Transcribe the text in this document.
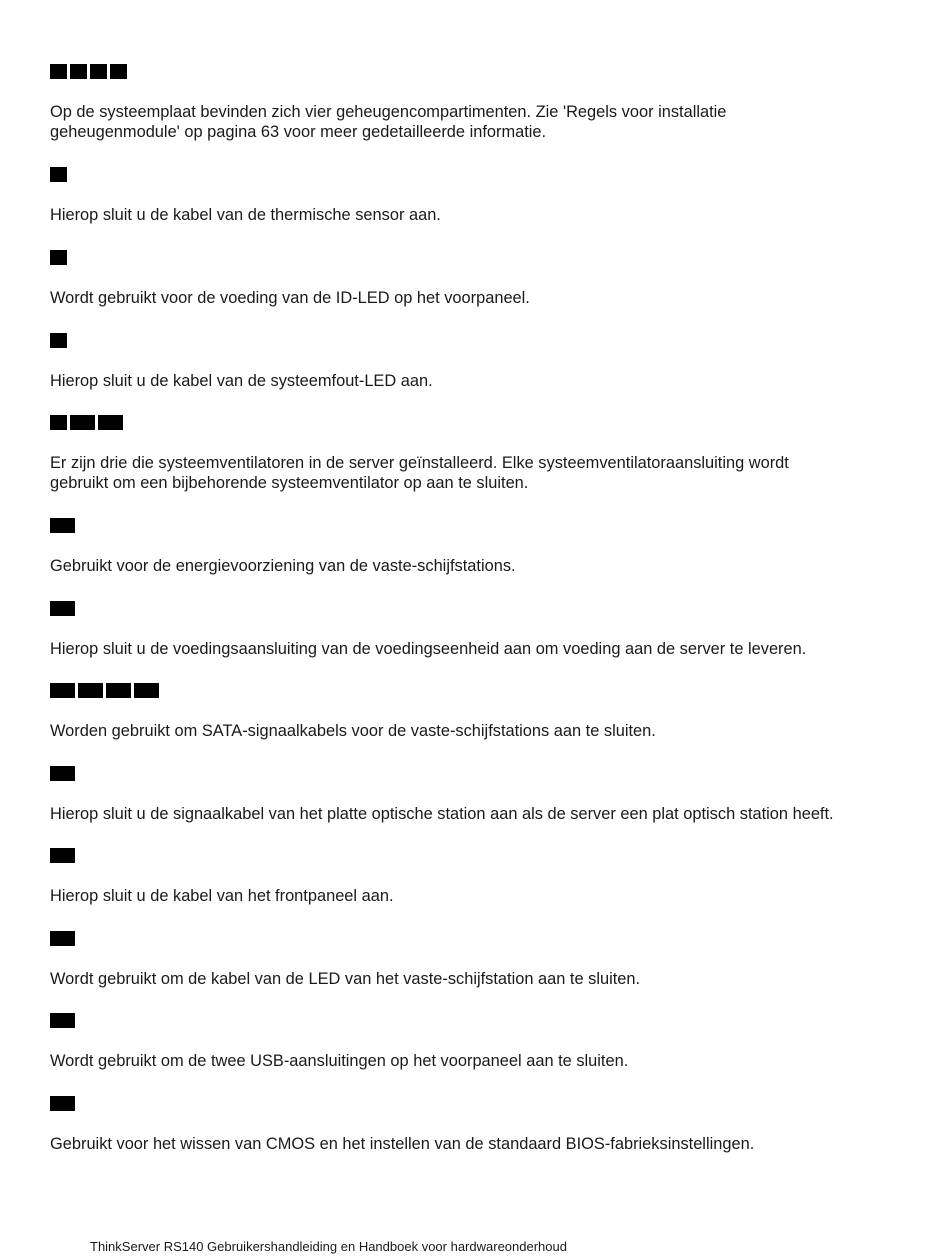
Op de systeemplaat bevinden zich vier geheugencompartimenten. Zie 'Regels voor installatie
geheugenmodule' op pagina 63 voor meer gedetailleerde informatie.

Hierop sluit u de kabel van de thermische sensor aan.

Wordt gebruikt voor de voeding van de ID-LED op het voorpaneel.

Hierop sluit u de kabel van de systeemfout-LED aan.

Er zijn drie die systeemventilatoren in de server geïnstalleerd. Elke systeemventilatoraansluiting wordt
gebruikt om een bijbehorende systeemventilator op aan te sluiten.

Gebruikt voor de energievoorziening van de vaste-schijfstations.

Hierop sluit u de voedingsaansluiting van de voedingseenheid aan om voeding aan de server te leveren.

Worden gebruikt om SATA-signaalkabels voor de vaste-schijfstations aan te sluiten.

Hierop sluit u de signaalkabel van het platte optische station aan als de server een plat optisch station heeft.

Hierop sluit u de kabel van het frontpaneel aan.

Wordt gebruikt om de kabel van de LED van het vaste-schijfstation aan te sluiten.

Wordt gebruikt om de twee USB-aansluitingen op het voorpaneel aan te sluiten.

Gebruikt voor het wissen van CMOS en het instellen van de standaard BIOS-fabrieksinstellingen.

ThinkServer RS140 Gebruikershandleiding en Handboek voor hardwareonderhoud
